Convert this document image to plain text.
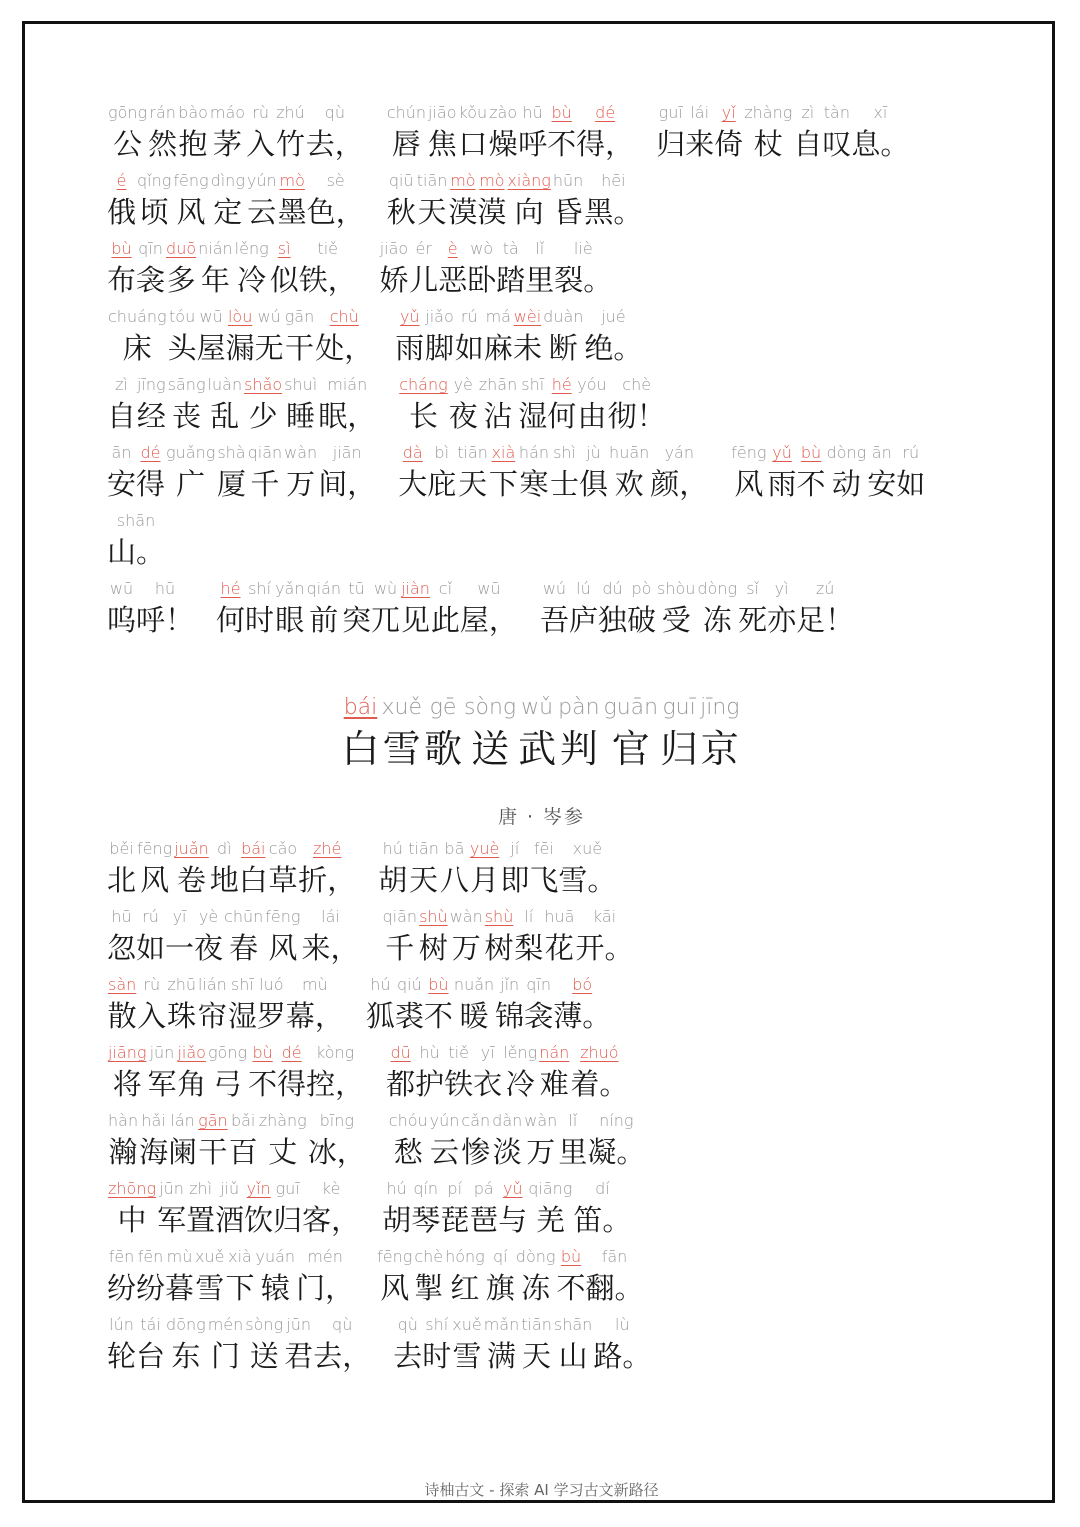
gōng
公
rán
然
bào
抱
máo
茅
rù
入
zhú
竹
qù
去，
chún
唇
jiāo
焦
kǒu
口
zào
燥
hū
呼
bù
不
dé
得，
guī
归
lái
来
yǐ
倚
zhàng
杖
zì
自
tàn
叹
xī
息。
é
俄
qǐng
顷
fēng
风
dìng
定
yún
云
mò
墨
sè
色，
qiū
秋
tiān
天
mò
漠
mò
漠
xiàng
向
hūn
昏
hēi
黑。
bù
布
qīn
衾
duō
多
nián
年
lěng
冷
sì
似
tiě
铁，
jiāo
娇
ér
儿
è
恶
wò
卧
tà
踏
lǐ
里
liè
裂。
chuáng
床
tóu
头
wū
屋
lòu
漏
wú
无
gān
干
chù
处，
yǔ
雨
jiǎo
脚
rú
如
má
麻
wèi
未
duàn
断
jué
绝。
zì
自
jīng
经
sāng
丧
luàn
乱
shǎo
少
shuì
睡
mián
眠，
cháng
长
yè
夜
zhān
沾
shī
湿
hé
何
yóu
由
chè
彻！
ān
安
dé
得
guǎng
广
shà
厦
qiān
千
wàn
万
jiān
间，
dà
大
bì
庇
tiān
天
xià
下
hán
寒
shì
士
jù
俱
huān
欢
yán
颜，
fēng
风
yǔ
雨
bù
不
dòng
动
ān
安
rú
如
shān
山。
wū
呜
hū
呼！
hé
何
shí
时
yǎn
眼
qián
前
tū
突
wù
兀
jiàn
见
cǐ
此
wū
屋，
wú
吾
lú
庐
dú
独
pò
破
shòu
受
dòng
冻
sǐ
死
yì
亦
zú
足！
bái
白
xuě
雪
gē
歌
sòng
送
wǔ
武
pàn
判
guān
官
guī
归
jīng
京
唐 · 岑参
běi
北
fēng
风
juǎn
卷
dì
地
bái
白
cǎo
草
zhé
折，
hú
胡
tiān
天
bā
八
yuè
月
jí
即
fēi
飞
xuě
雪。
hū
忽
rú
如
yī
一
yè
夜
chūn
春
fēng
风
lái
来，
qiān
千
shù
树
wàn
万
shù
树
lí
梨
huā
花
kāi
开。
sàn
散
rù
入
zhū
珠
lián
帘
shī
湿
luó
罗
mù
幕，
hú
狐
qiú
裘
bù
不
nuǎn
暖
jǐn
锦
qīn
衾
bó
薄。
jiāng
将
jūn
军
jiǎo
角
gōng
弓
bù
不
dé
得
kòng
控，
dū
都
hù
护
tiě
铁
yī
衣
lěng
冷
nán
难
zhuó
着。
hàn
瀚
hǎi
海
lán
阑
gān
干
bǎi
百
zhàng
丈
bīng
冰，
chóu
愁
yún
云
cǎn
惨
dàn
淡
wàn
万
lǐ
里
níng
凝。
zhōng
中
jūn
军
zhì
置
jiǔ
酒
yǐn
饮
guī
归
kè
客，
hú
胡
qín
琴
pí
琵
pá
琶
yǔ
与
qiāng
羌
dí
笛。
fēn
纷
fēn
纷
mù
暮
xuě
雪
xià
下
yuán
辕
mén
门，
fēng
风
chè
掣
hóng
红
qí
旗
dòng
冻
bù
不
fān
翻。
lún
轮
tái
台
dōng
东
mén
门
sòng
送
jūn
君
qù
去，
qù
去
shí
时
xuě
雪
mǎn
满
tiān
天
shān
山
lù
路。
诗柚古文 - 探索 AI 学习古文新路径
